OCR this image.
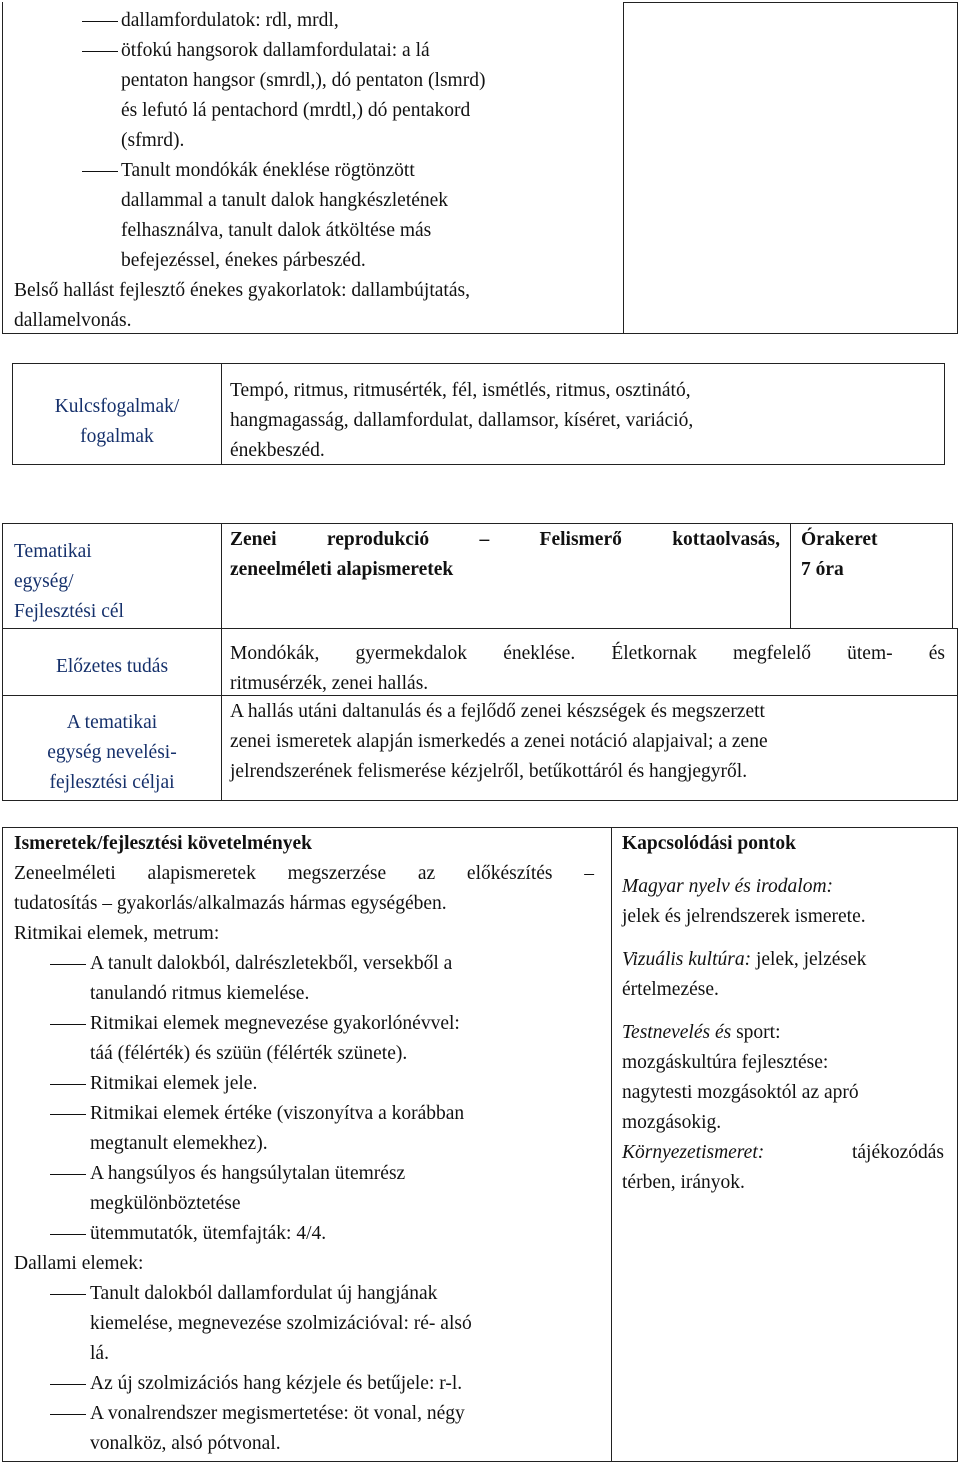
dallamfordulatok: rdl, mrdl,

ötfokú hangsorok dallamfordulatai: a lá

pentaton hangsor (smrdl,), dó pentaton (lsmrd)

és lefutó lá pentachord (mrdtl,) dó pentakord

(sfmrd).

Tanult mondókák éneklése rögtönzött

dallammal a tanult dalok hangkészletének

felhasználva, tanult dalok átköltése más

befejezéssel, énekes párbeszéd.

Belső hallást fejlesztő énekes gyakorlatok: dallambújtatás,

dallamelvonás.

Kulcsfogalmak/

fogalmak

Tempó, ritmus, ritmusérték, fél, ismétlés, ritmus, osztinátó,

hangmagasság, dallamfordulat, dallamsor, kíséret, variáció,

énekbeszéd.

Tematikai

egység/

Fejlesztési cél

Zenei reprodukció – Felismerő kottaolvasás,

zeneelméleti alapismeretek

Órakeret

7 óra

Előzetes tudás

Mondókák, gyermekdalok éneklése. Életkornak megfelelő ütem- és

ritmusérzék, zenei hallás.

A tematikai

egység nevelési-

fejlesztési céljai

A hallás utáni daltanulás és a fejlődő zenei készségek és megszerzett

zenei ismeretek alapján ismerkedés a zenei notáció alapjaival; a zene

jelrendszerének felismerése kézjelről, betűkottáról és hangjegyről.

Ismeretek/fejlesztési követelmények

Zeneelméleti alapismeretek megszerzése az előkészítés –

tudatosítás – gyakorlás/alkalmazás hármas egységében.

Ritmikai elemek, metrum:

A tanult dalokból, dalrészletekből, versekből a

tanulandó ritmus kiemelése.

Ritmikai elemek megnevezése gyakorlónévvel:

táá (félérték) és szüün (félérték szünete).

Ritmikai elemek jele.

Ritmikai elemek értéke (viszonyítva a korábban

megtanult elemekhez).

A hangsúlyos és hangsúlytalan ütemrész

megkülönböztetése

ütemmutatók, ütemfajták: 4/4.

Dallami elemek:

Tanult dalokból dallamfordulat új hangjának

kiemelése, megnevezése szolmizációval: ré- alsó

lá.

Az új szolmizációs hang kézjele és betűjele: r-l.

A vonalrendszer megismertetése: öt vonal, négy

vonalköz, alsó pótvonal.

Kapcsolódási pontok

Magyar nyelv és irodalom:

jelek és jelrendszerek ismerete.

Vizuális kultúra: jelek, jelzések

értelmezése.

Testnevelés és sport:

mozgáskultúra fejlesztése:

nagytesti mozgásoktól az apró

mozgásokig.

Környezetismeret: tájékozódás

térben, irányok.
